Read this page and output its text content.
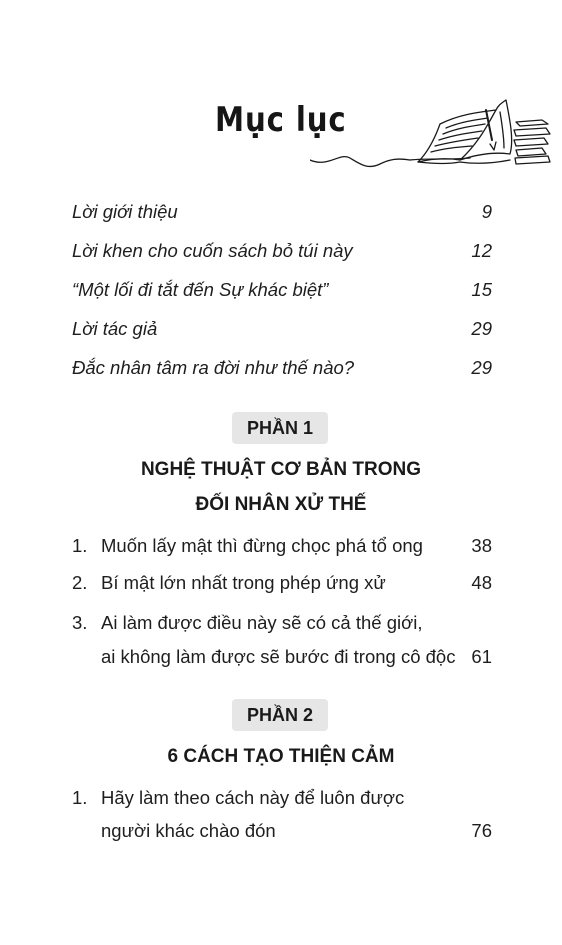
Mục lục
Lời giới thiệu	9
Lời khen cho cuốn sách bỏ túi này	12
“Một lối đi tắt đến Sự khác biệt”	15
Lời tác giả	29
Đắc nhân tâm ra đời như thế nào?	29
PHẦN 1
NGHỆ THUẬT CƠ BẢN TRONG
ĐỐI NHÂN XỬ THẾ
1. Muốn lấy mật thì đừng chọc phá tổ ong	38
2. Bí mật lớn nhất trong phép ứng xử	48
3. Ai làm được điều này sẽ có cả thế giới,
ai không làm được sẽ bước đi trong cô độc 61
PHẦN 2
6 CÁCH TẠO THIỆN CẢM
1. Hãy làm theo cách này để luôn được
người khác chào đón	76
